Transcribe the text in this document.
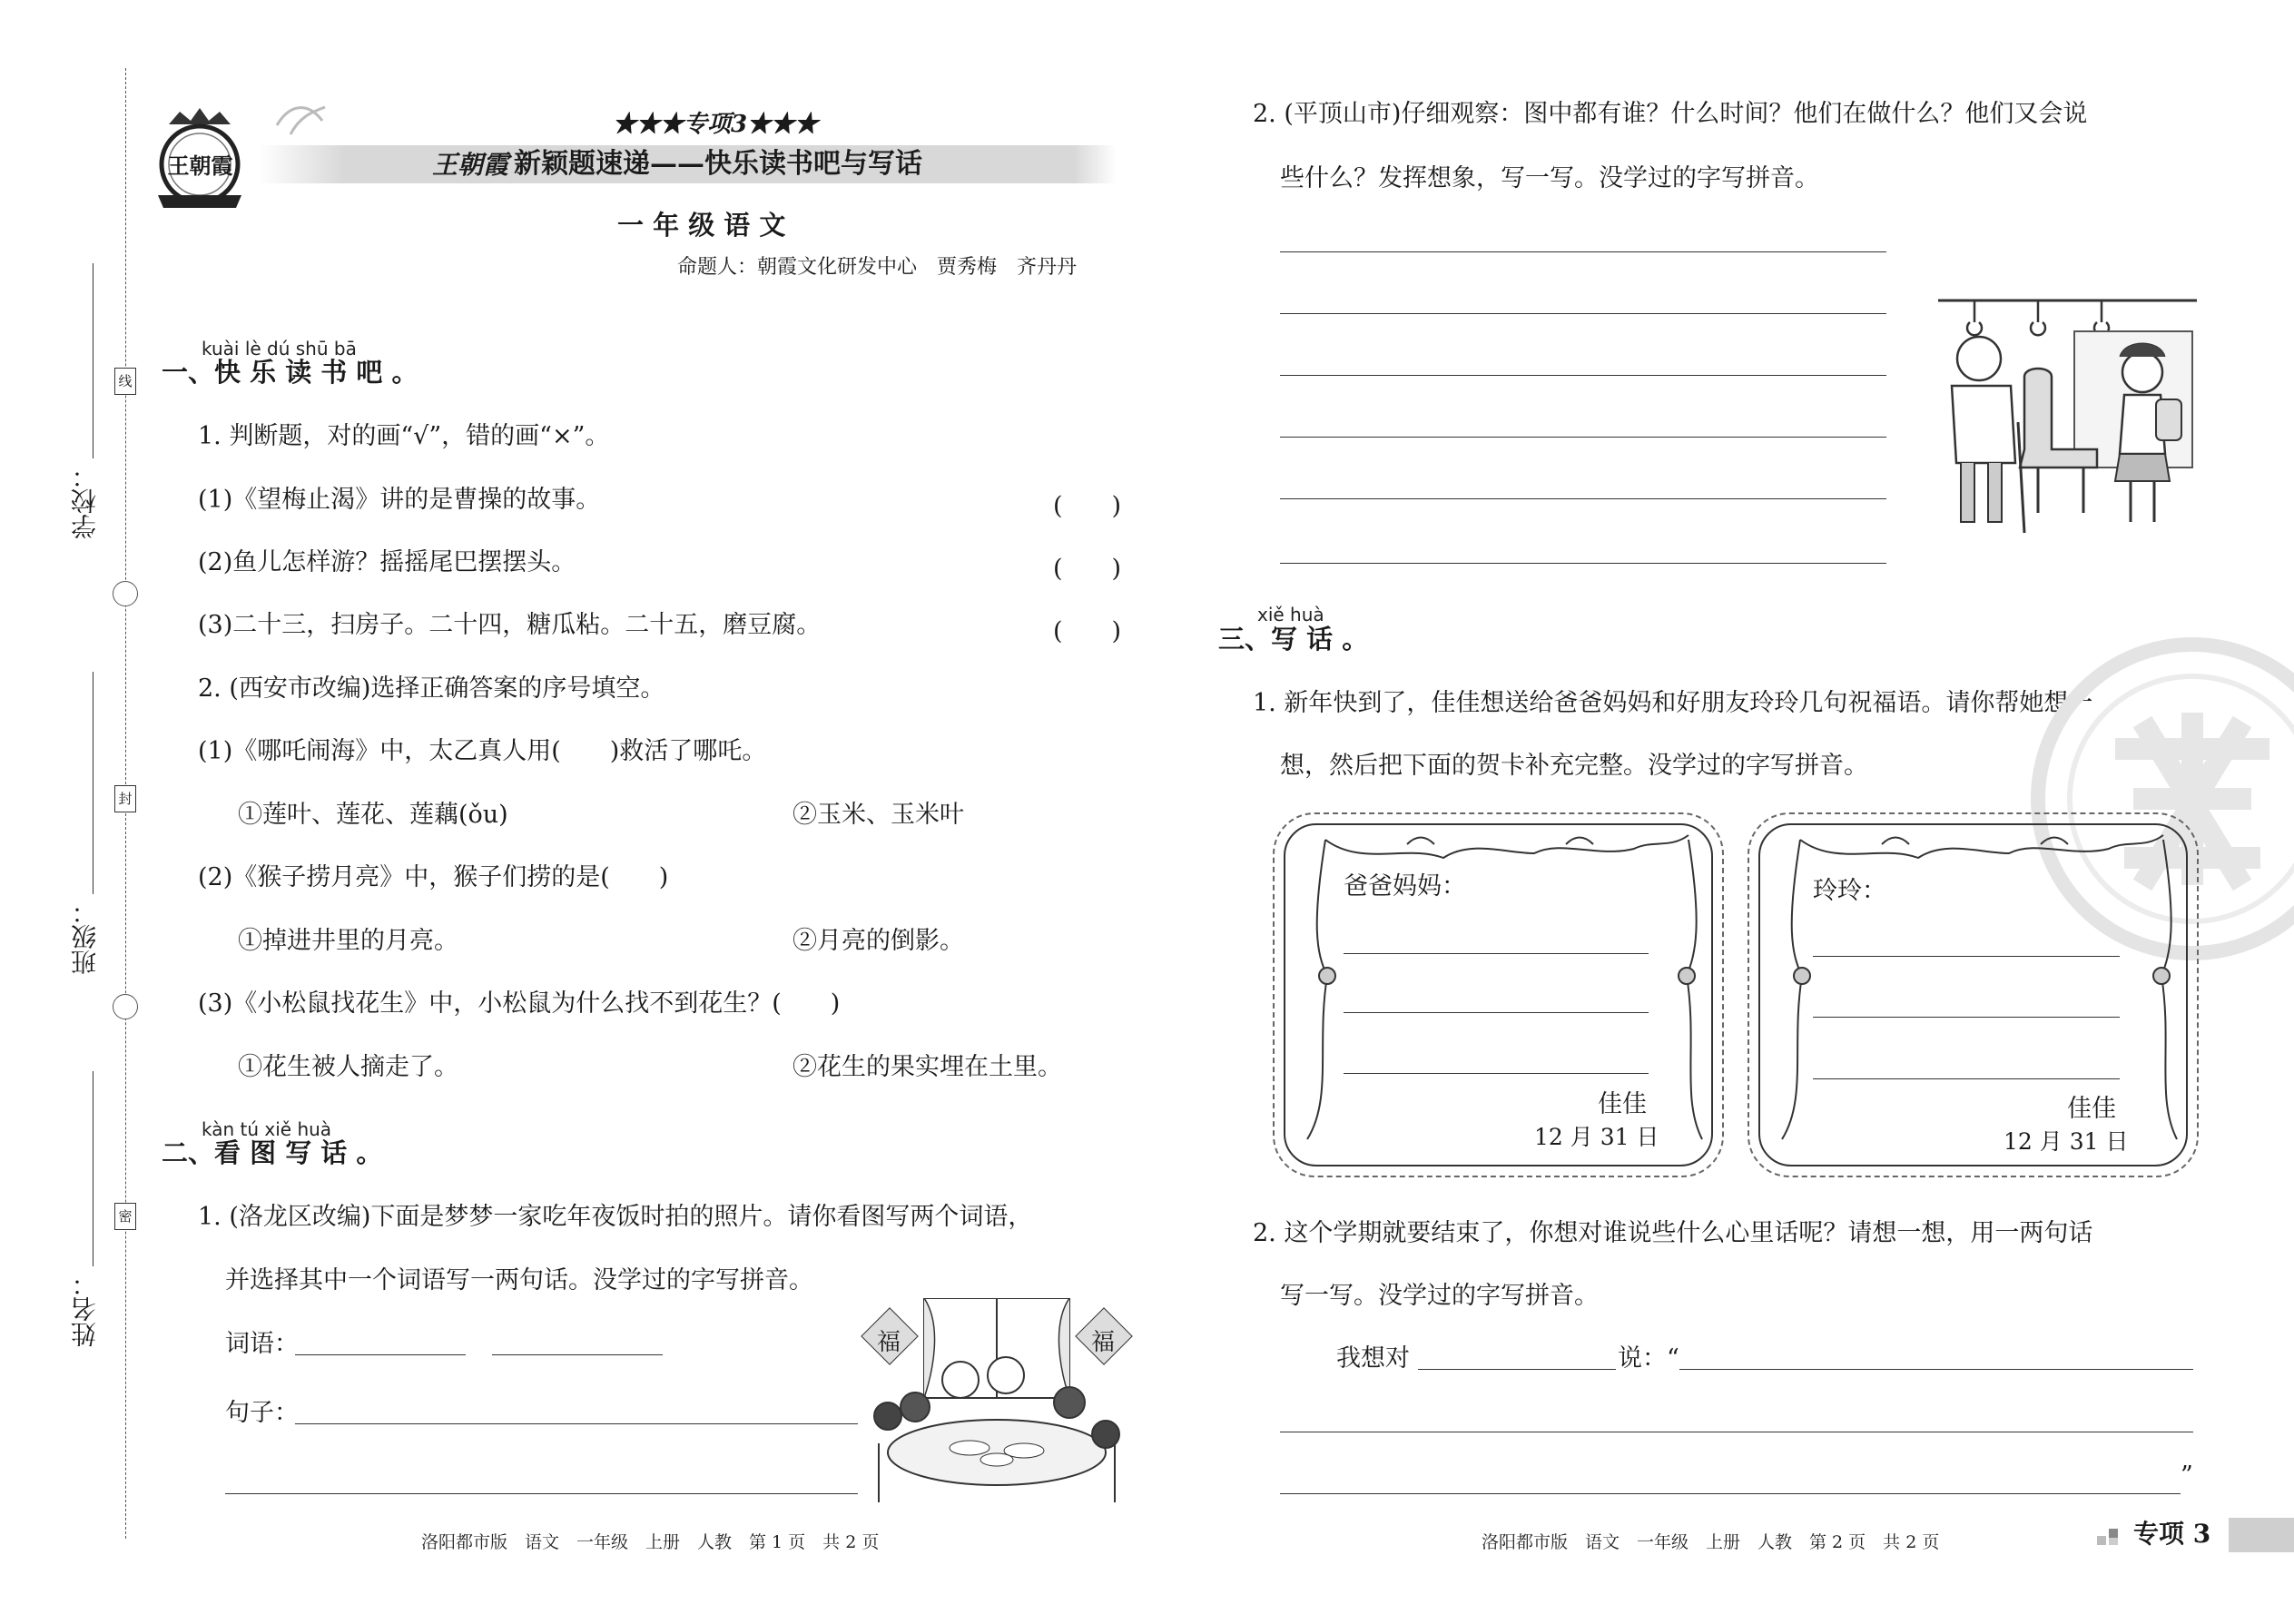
线
封
密
学校：
班级：
姓名：
王朝霞
★★★专项3★★★
王朝霞 新颖题速递——快乐读书吧与写话
一 年 级 语 文
命题人：朝霞文化研发中心　贾秀梅　齐丹丹
kuài lè dú shū bā
一、快 乐 读 书 吧 。
1. 判断题，对的画“√”，错的画“×”。
(1)《望梅止渴》讲的是曹操的故事。	(　　)
(2)鱼儿怎样游？摇摇尾巴摆摆头。	(　　)
(3)二十三，扫房子。二十四，糖瓜粘。二十五，磨豆腐。	(　　)
2. (西安市改编)选择正确答案的序号填空。
(1)《哪吒闹海》中，太乙真人用(　　)救活了哪吒。
①莲叶、莲花、莲藕(ǒu)	②玉米、玉米叶
(2)《猴子捞月亮》中，猴子们捞的是(　　)
①掉进井里的月亮。	②月亮的倒影。
(3)《小松鼠找花生》中，小松鼠为什么找不到花生？(　　)
①花生被人摘走了。	②花生的果实埋在土里。
kàn tú xiě huà
二、看 图 写 话 。
1. (洛龙区改编)下面是梦梦一家吃年夜饭时拍的照片。请你看图写两个词语，
并选择其中一个词语写一两句话。没学过的字写拼音。
词语：
句子：
福	福
2. (平顶山市)仔细观察：图中都有谁？什么时间？他们在做什么？他们又会说
些什么？发挥想象，写一写。没学过的字写拼音。
xiě huà
三、写 话 。
1. 新年快到了，佳佳想送给爸爸妈妈和好朋友玲玲几句祝福语。请你帮她想一
想，然后把下面的贺卡补充完整。没学过的字写拼音。
爸爸妈妈：
佳佳
12 月 31 日
玲玲：
佳佳
12 月 31 日
2. 这个学期就要结束了，你想对谁说些什么心里话呢？请想一想，用一两句话
写一写。没学过的字写拼音。
我想对	说：“
”
洛阳都市版　语文　一年级　上册　人教　第 1 页　共 2 页	洛阳都市版　语文　一年级　上册　人教　第 2 页　共 2 页	专项 3
